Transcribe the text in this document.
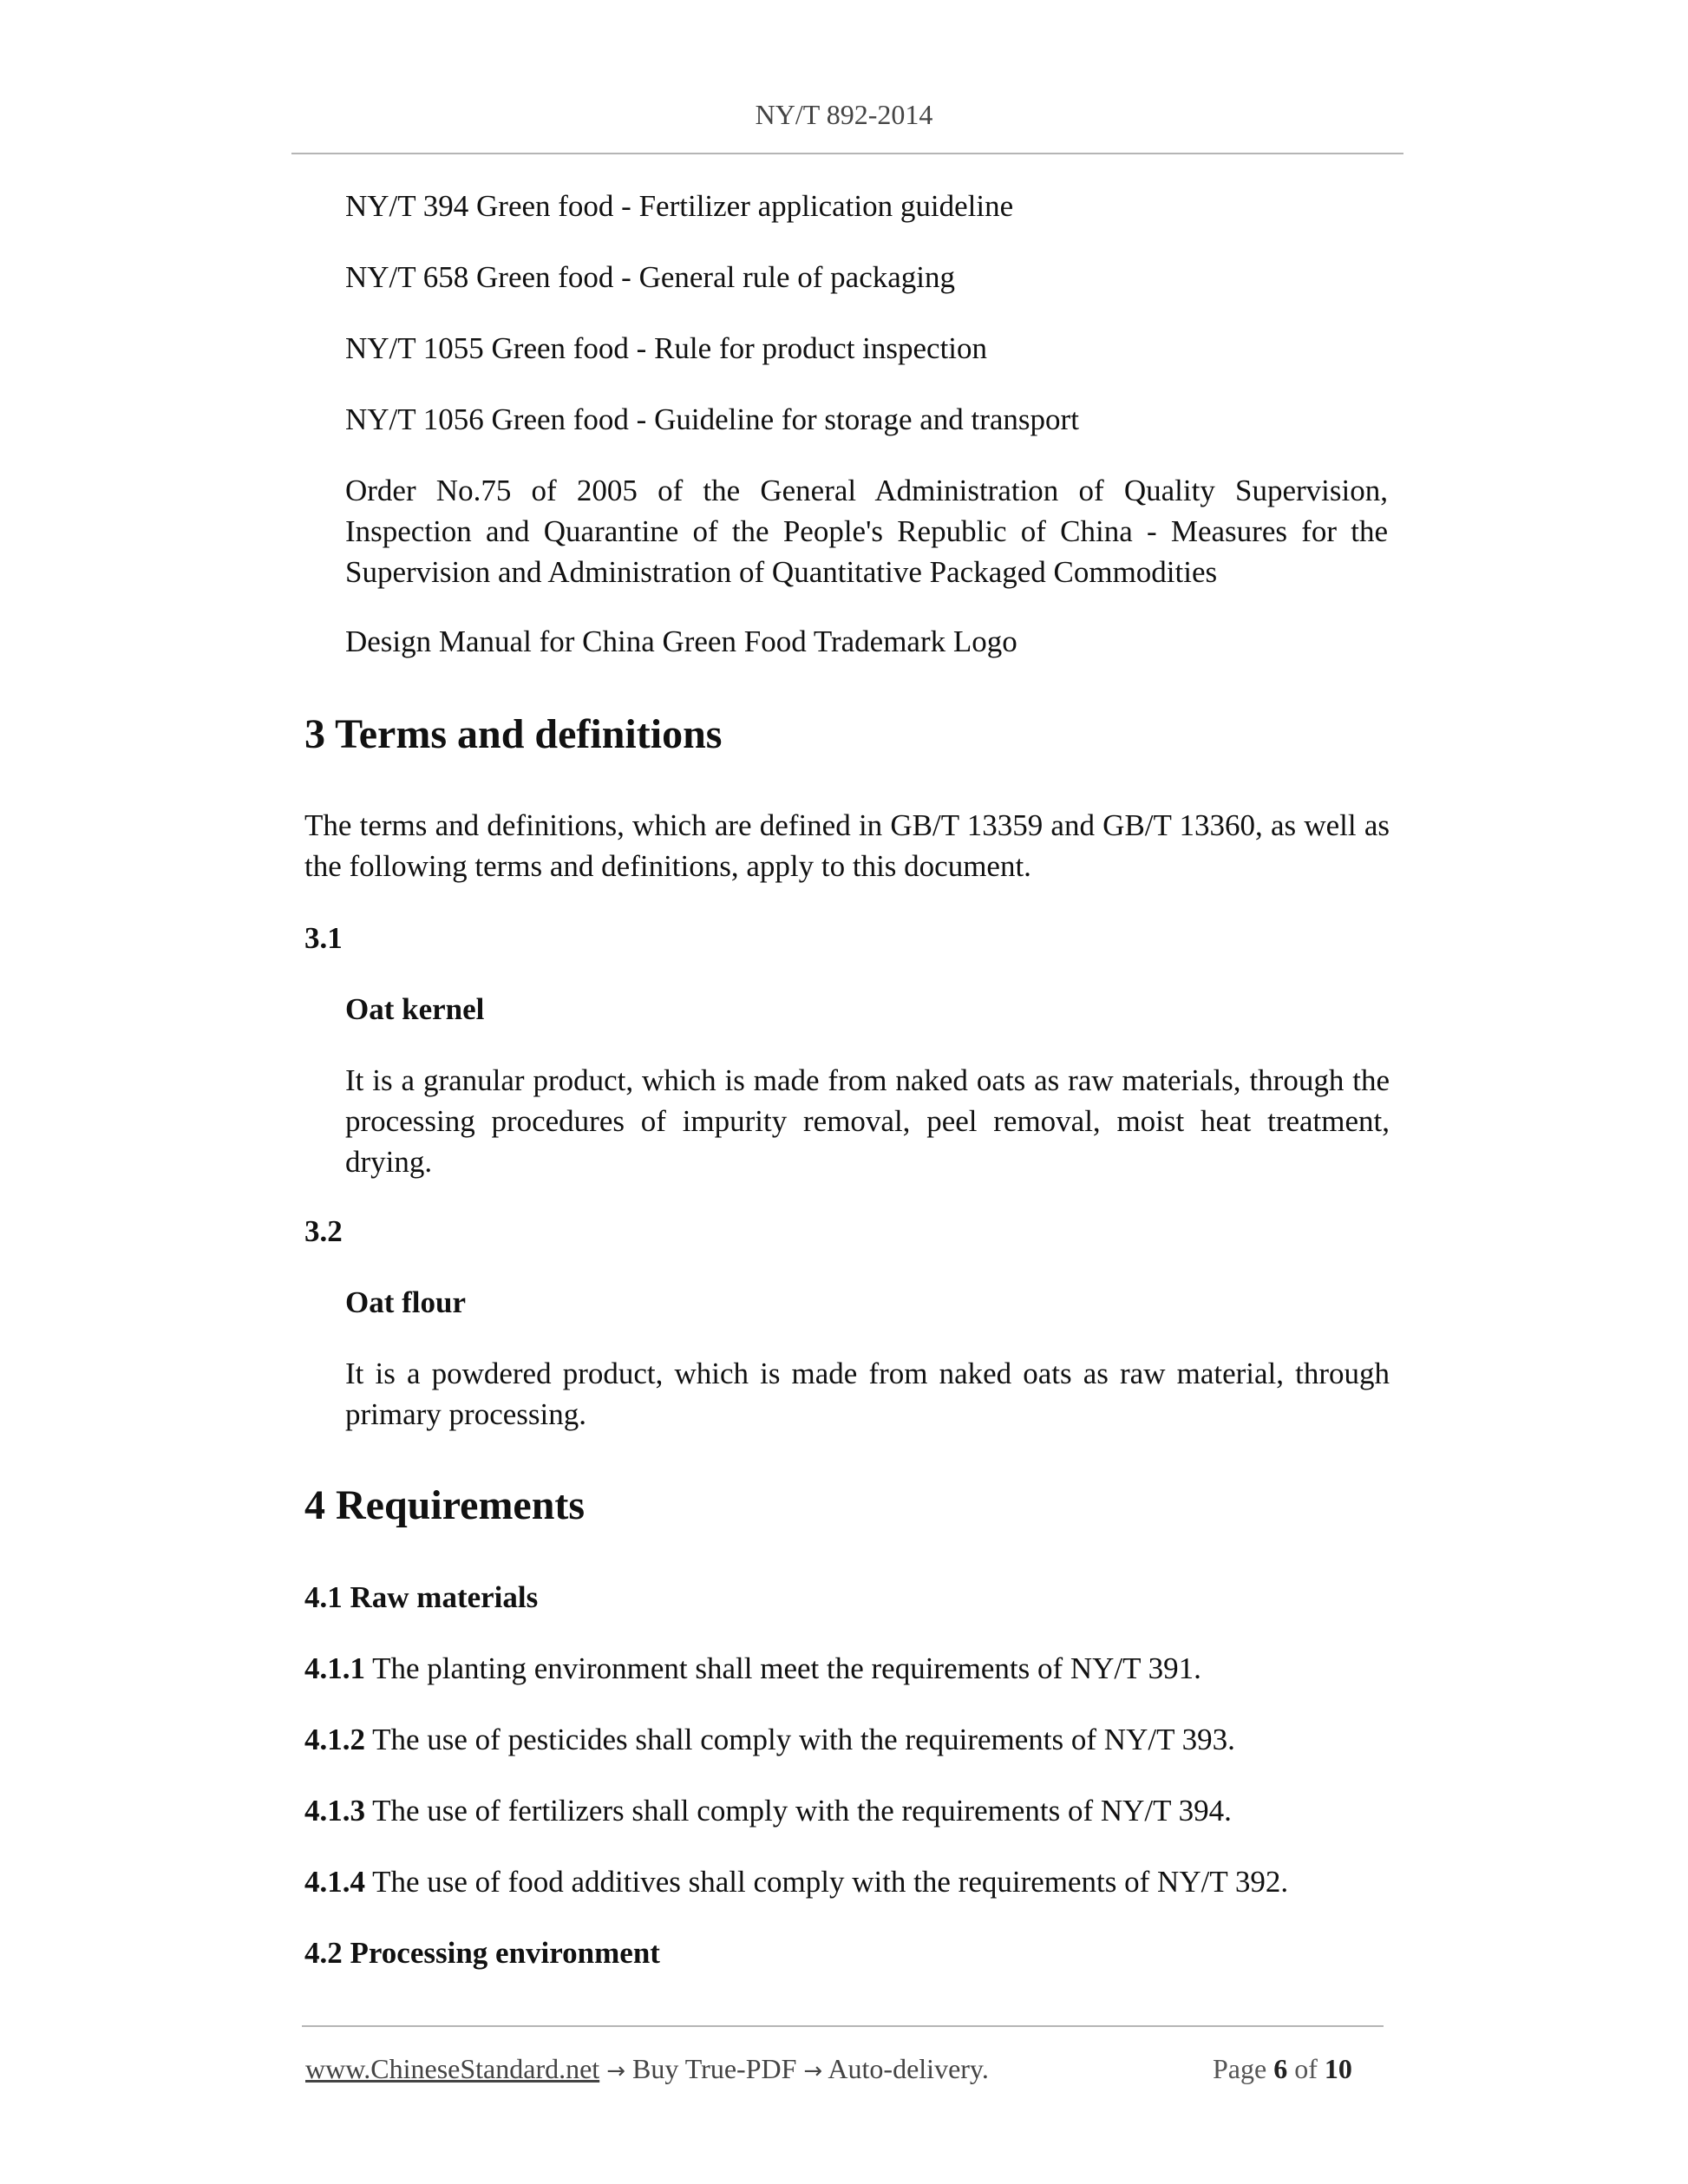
NY/T 892-2014
NY/T 394 Green food - Fertilizer application guideline
NY/T 658 Green food - General rule of packaging
NY/T 1055 Green food - Rule for product inspection
NY/T 1056 Green food - Guideline for storage and transport
Order No.75 of 2005 of the General Administration of Quality Supervision, Inspection and Quarantine of the People's Republic of China - Measures for the Supervision and Administration of Quantitative Packaged Commodities
Design Manual for China Green Food Trademark Logo
3 Terms and definitions
The terms and definitions, which are defined in GB/T 13359 and GB/T 13360, as well as the following terms and definitions, apply to this document.
3.1
Oat kernel
It is a granular product, which is made from naked oats as raw materials, through the processing procedures of impurity removal, peel removal, moist heat treatment, drying.
3.2
Oat flour
It is a powdered product, which is made from naked oats as raw material, through primary processing.
4 Requirements
4.1 Raw materials
4.1.1 The planting environment shall meet the requirements of NY/T 391.
4.1.2 The use of pesticides shall comply with the requirements of NY/T 393.
4.1.3 The use of fertilizers shall comply with the requirements of NY/T 394.
4.1.4 The use of food additives shall comply with the requirements of NY/T 392.
4.2 Processing environment
www.ChineseStandard.net → Buy True-PDF → Auto-delivery.	Page 6 of 10
